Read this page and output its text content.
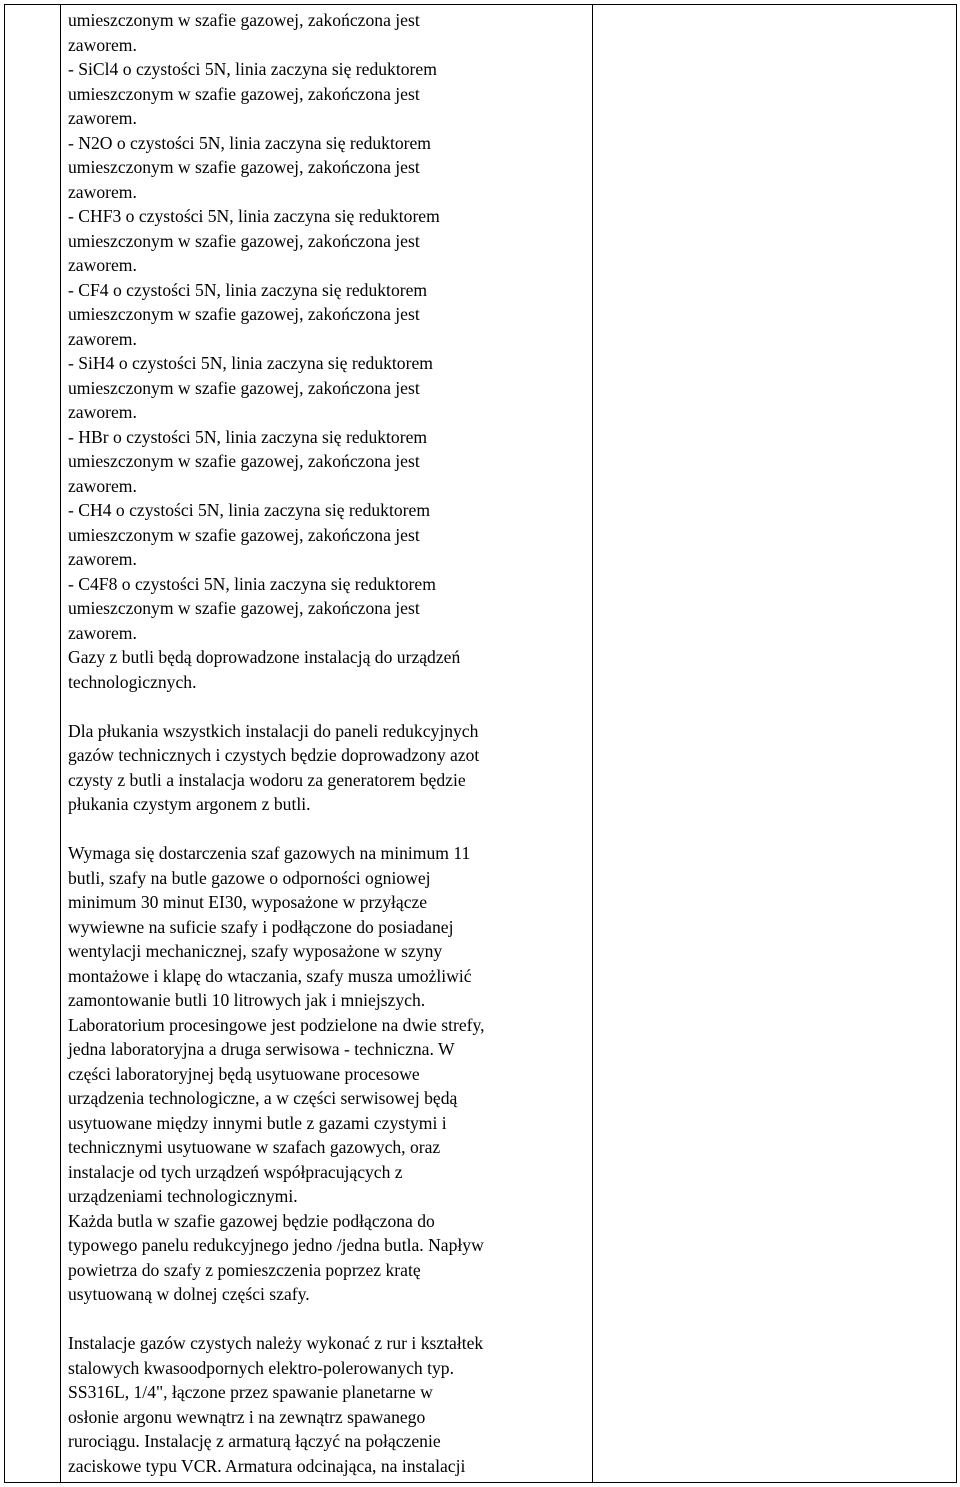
umieszczonym w szafie gazowej, zakończona jest
zaworem.
- SiCl4 o czystości 5N, linia zaczyna się reduktorem
umieszczonym w szafie gazowej, zakończona jest
zaworem.
- N2O o czystości 5N, linia zaczyna się reduktorem
umieszczonym w szafie gazowej, zakończona jest
zaworem.
- CHF3 o czystości 5N, linia zaczyna się reduktorem
umieszczonym w szafie gazowej, zakończona jest
zaworem.
- CF4 o czystości 5N, linia zaczyna się reduktorem
umieszczonym w szafie gazowej, zakończona jest
zaworem.
- SiH4 o czystości 5N, linia zaczyna się reduktorem
umieszczonym w szafie gazowej, zakończona jest
zaworem.
- HBr o czystości 5N, linia zaczyna się reduktorem
umieszczonym w szafie gazowej, zakończona jest
zaworem.
- CH4 o czystości 5N, linia zaczyna się reduktorem
umieszczonym w szafie gazowej, zakończona jest
zaworem.
- C4F8 o czystości 5N, linia zaczyna się reduktorem
umieszczonym w szafie gazowej, zakończona jest
zaworem.
Gazy z butli będą doprowadzone instalacją do urządzeń
technologicznych.
Dla płukania wszystkich instalacji do paneli redukcyjnych
gazów technicznych i czystych będzie doprowadzony azot
czysty z butli a instalacja wodoru za generatorem będzie
płukania czystym argonem z butli.
Wymaga się dostarczenia szaf gazowych na minimum 11
butli, szafy na butle gazowe o odporności ogniowej
minimum 30 minut EI30, wyposażone w przyłącze
wywiewne na suficie szafy i podłączone do posiadanej
wentylacji mechanicznej, szafy wyposażone w szyny
montażowe i klapę do wtaczania, szafy musza umożliwić
zamontowanie butli 10 litrowych jak i mniejszych.
Laboratorium procesingowe jest podzielone na dwie strefy,
jedna laboratoryjna a druga serwisowa - techniczna. W
części laboratoryjnej będą usytuowane procesowe
urządzenia technologiczne, a w części serwisowej będą
usytuowane między innymi butle z gazami czystymi i
technicznymi usytuowane w szafach gazowych, oraz
instalacje od tych urządzeń współpracujących z
urządzeniami technologicznymi.
Każda butla w szafie gazowej będzie podłączona do
typowego panelu redukcyjnego jedno /jedna butla. Napływ
powietrza do szafy z pomieszczenia poprzez kratę
usytuowaną w dolnej części szafy.
Instalacje gazów czystych należy wykonać z rur i kształtek
stalowych kwasoodpornych elektro-polerowanych typ.
SS316L, 1/4", łączone przez spawanie planetarne w
osłonie argonu wewnątrz i na zewnątrz spawanego
rurociągu. Instalację z armaturą łączyć na połączenie
zaciskowe typu VCR. Armatura odcinająca, na instalacji
